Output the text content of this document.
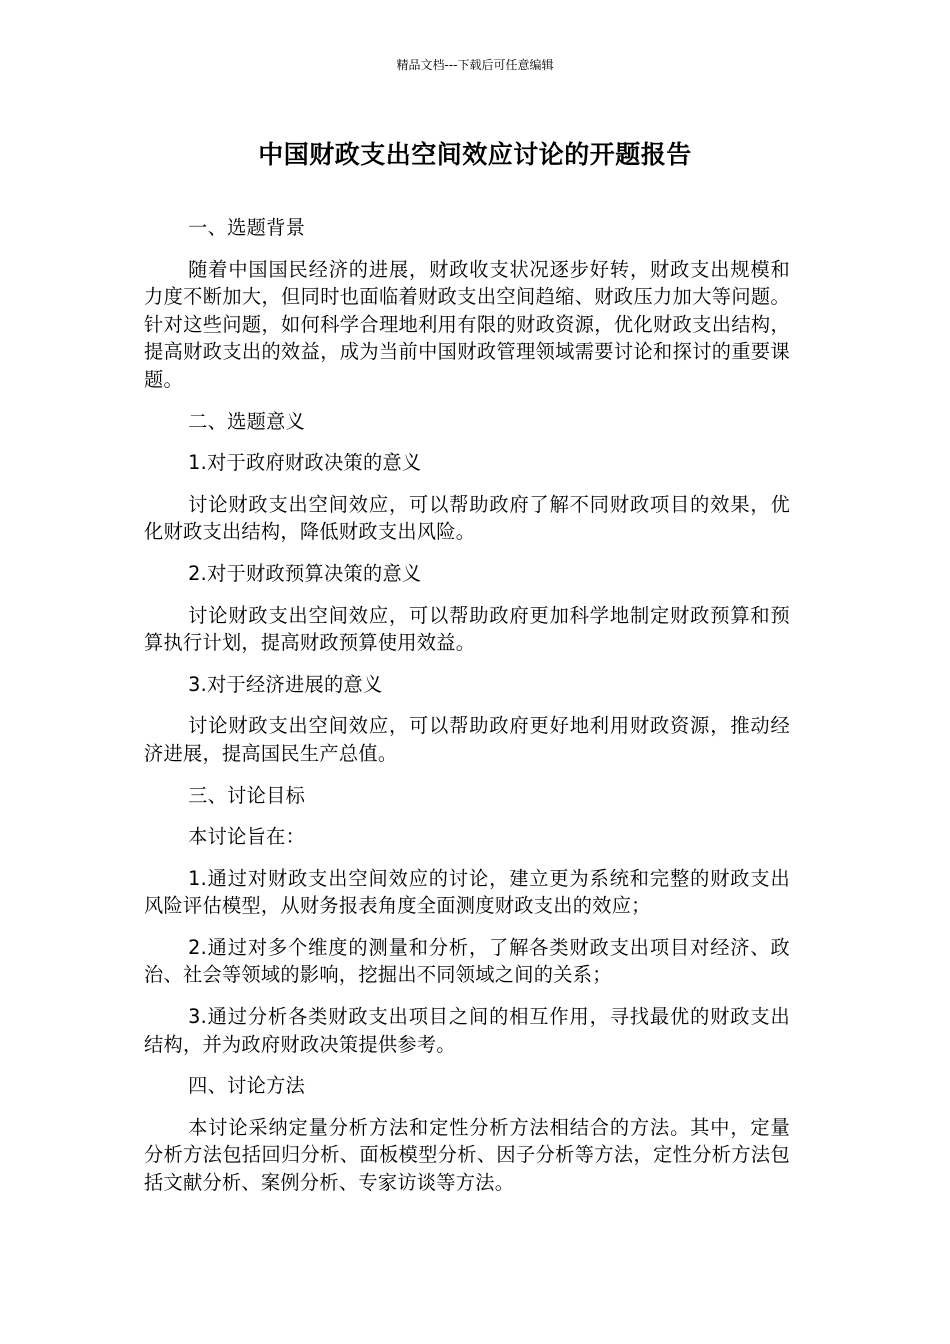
精品文档---下载后可任意编辑
中国财政支出空间效应讨论的开题报告

一、选题背景

随着中国国民经济的进展，财政收支状况逐步好转，财政支出规模和力度不断加大，但同时也面临着财政支出空间趋缩、财政压力加大等问题。针对这些问题，如何科学合理地利用有限的财政资源，优化财政支出结构，提高财政支出的效益，成为当前中国财政管理领域需要讨论和探讨的重要课题。

二、选题意义

1.对于政府财政决策的意义

讨论财政支出空间效应，可以帮助政府了解不同财政项目的效果，优化财政支出结构，降低财政支出风险。

2.对于财政预算决策的意义

讨论财政支出空间效应，可以帮助政府更加科学地制定财政预算和预算执行计划，提高财政预算使用效益。

3.对于经济进展的意义

讨论财政支出空间效应，可以帮助政府更好地利用财政资源，推动经济进展，提高国民生产总值。

三、讨论目标

本讨论旨在：

1.通过对财政支出空间效应的讨论，建立更为系统和完整的财政支出风险评估模型，从财务报表角度全面测度财政支出的效应；

2.通过对多个维度的测量和分析，了解各类财政支出项目对经济、政治、社会等领域的影响，挖掘出不同领域之间的关系；

3.通过分析各类财政支出项目之间的相互作用，寻找最优的财政支出结构，并为政府财政决策提供参考。

四、讨论方法

本讨论采纳定量分析方法和定性分析方法相结合的方法。其中，定量分析方法包括回归分析、面板模型分析、因子分析等方法，定性分析方法包括文献分析、案例分析、专家访谈等方法。
